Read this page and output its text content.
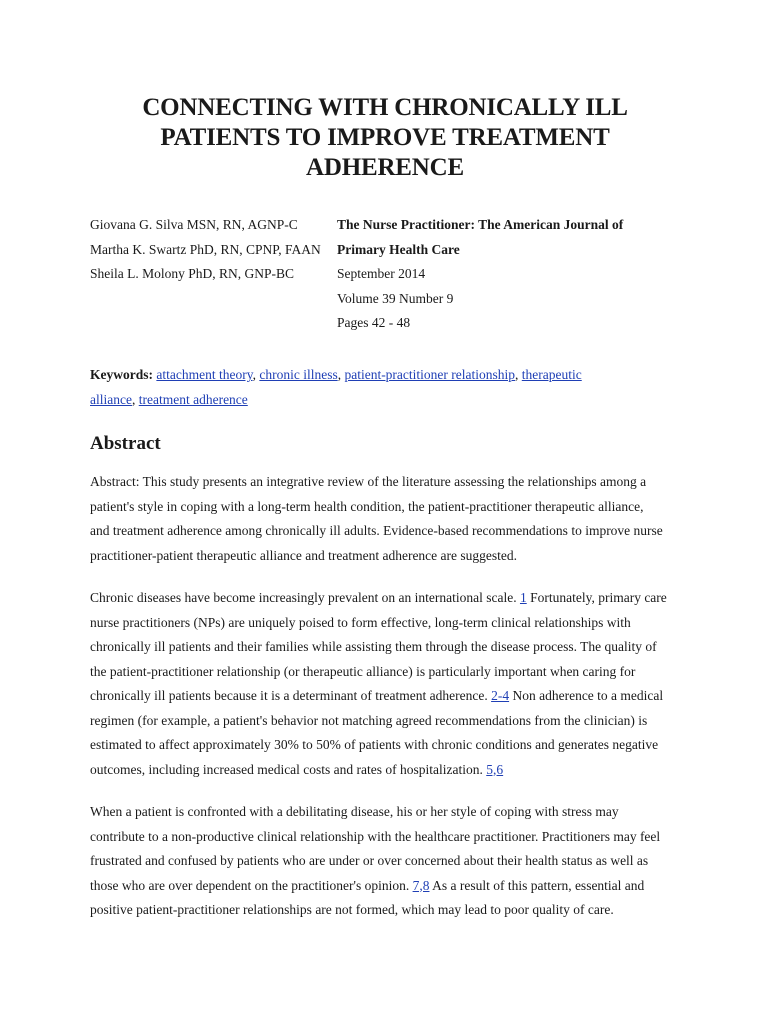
CONNECTING WITH CHRONICALLY ILL
PATIENTS TO IMPROVE TREATMENT
ADHERENCE
Giovana G. Silva MSN, RN, AGNP-C
Martha K. Swartz PhD, RN, CPNP, FAAN
Sheila L. Molony PhD, RN, GNP-BC
The Nurse Practitioner: The American Journal of
Primary Health Care
September 2014
Volume 39 Number 9
Pages 42 - 48
Keywords: attachment theory, chronic illness, patient-practitioner relationship, therapeutic
alliance, treatment adherence
Abstract
Abstract: This study presents an integrative review of the literature assessing the relationships among a
patient's style in coping with a long-term health condition, the patient-practitioner therapeutic alliance,
and treatment adherence among chronically ill adults. Evidence-based recommendations to improve nurse
practitioner-patient therapeutic alliance and treatment adherence are suggested.
Chronic diseases have become increasingly prevalent on an international scale. 1 Fortunately, primary care
nurse practitioners (NPs) are uniquely poised to form effective, long-term clinical relationships with
chronically ill patients and their families while assisting them through the disease process. The quality of
the patient-practitioner relationship (or therapeutic alliance) is particularly important when caring for
chronically ill patients because it is a determinant of treatment adherence. 2-4 Non adherence to a medical
regimen (for example, a patient's behavior not matching agreed recommendations from the clinician) is
estimated to affect approximately 30% to 50% of patients with chronic conditions and generates negative
outcomes, including increased medical costs and rates of hospitalization. 5,6
When a patient is confronted with a debilitating disease, his or her style of coping with stress may
contribute to a non-productive clinical relationship with the healthcare practitioner. Practitioners may feel
frustrated and confused by patients who are under or over concerned about their health status as well as
those who are over dependent on the practitioner's opinion. 7,8 As a result of this pattern, essential and
positive patient-practitioner relationships are not formed, which may lead to poor quality of care.
